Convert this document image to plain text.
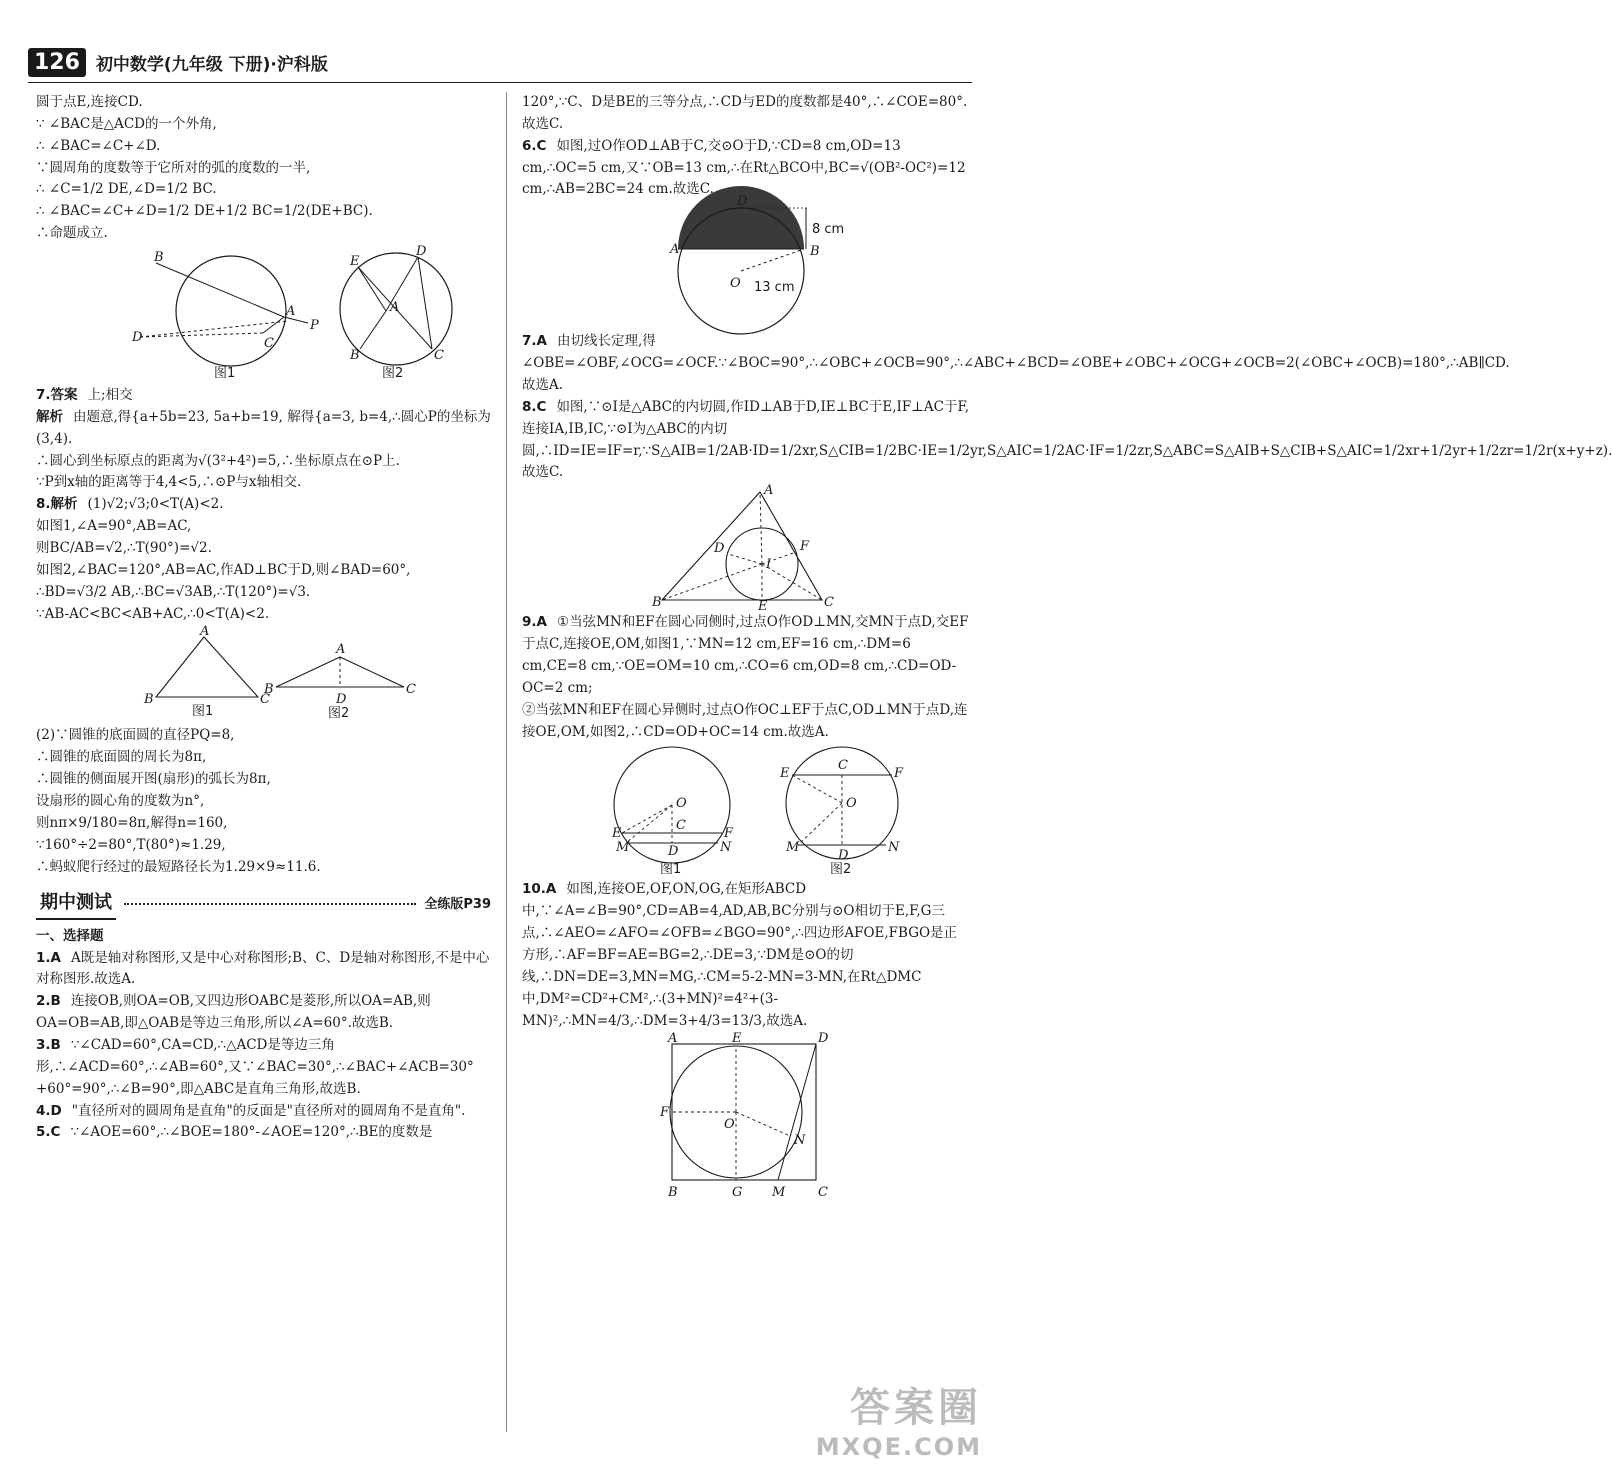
126 初中数学(九年级 下册)·沪科版

圆于点E,连接CD.

∵ ∠BAC是△ACD的一个外角,

∴ ∠BAC=∠C+∠D.

∵圆周角的度数等于它所对的弧的度数的一半,

∴ ∠C=1/2 DE,∠D=1/2 BC.

∴ ∠BAC=∠C+∠D=1/2 DE+1/2 BC=1/2(DE+BC).

∴命题成立.

B
D
A
P
C
图1
E
D
A
B	C
图2

7.答案 上;相交

解析 由题意,得{a+5b=23, 5a+b=19, 解得{a=3, b=4,∴圆心P的坐标为(3,4).

∴圆心到坐标原点的距离为√(3²+4²)=5,∴坐标原点在⊙P上.

∵P到x轴的距离等于4,4<5,∴⊙P与x轴相交.

8.解析 (1)√2;√3;0<T(A)<2.

如图1,∠A=90°,AB=AC,

则BC/AB=√2,∴T(90°)=√2.

如图2,∠BAC=120°,AB=AC,作AD⊥BC于D,则∠BAD=60°,

∴BD=√3/2 AB,∴BC=√3AB,∴T(120°)=√3.

∵AB-AC<BC<AB+AC,∴0<T(A)<2.

A
B	C
图1
A
B	C
D
图2

(2)∵圆锥的底面圆的直径PQ=8,

∴圆锥的底面圆的周长为8π,

∴圆锥的侧面展开图(扇形)的弧长为8π,

设扇形的圆心角的度数为n°,

则nπ×9/180=8π,解得n=160,

∵160°÷2=80°,T(80°)≈1.29,

∴蚂蚁爬行经过的最短路径长为1.29×9≈11.6.

期中测试	全练版P39

一、选择题

1.A A既是轴对称图形,又是中心对称图形;B、C、D是轴对称图形,不是中心对称图形.故选A.

2.B 连接OB,则OA=OB,又四边形OABC是菱形,所以OA=AB,则OA=OB=AB,即△OAB是等边三角形,所以∠A=60°.故选B.

3.B ∵∠CAD=60°,CA=CD,∴△ACD是等边三角形,∴∠ACD=60°,∴∠AB=60°,又∵∠BAC=30°,∴∠BAC+∠ACB=30°+60°=90°,∴∠B=90°,即△ABC是直角三角形,故选B.

4.D "直径所对的圆周角是直角"的反面是"直径所对的圆周角不是直角".

5.C ∵∠AOE=60°,∴∠BOE=180°-∠AOE=120°,∴BE的度数是

120°,∵C、D是BE的三等分点,∴CD与ED的度数都是40°,∴∠COE=80°.故选C.

6.C 如图,过O作OD⊥AB于C,交⊙O于D,∵CD=8 cm,OD=13 cm,∴OC=5 cm,又∵OB=13 cm,∴在Rt△BCO中,BC=√(OB²-OC²)=12 cm,∴AB=2BC=24 cm.故选C.

D
A	B
O
8 cm
13 cm

7.A 由切线长定理,得∠OBE=∠OBF,∠OCG=∠OCF.∵∠BOC=90°,∴∠OBC+∠OCB=90°,∴∠ABC+∠BCD=∠OBE+∠OBC+∠OCG+∠OCB=2(∠OBC+∠OCB)=180°,∴AB∥CD.故选A.

8.C 如图,∵⊙I是△ABC的内切圆,作ID⊥AB于D,IE⊥BC于E,IF⊥AC于F,连接IA,IB,IC,∵⊙I为△ABC的内切圆,∴ID=IE=IF=r,∵S△AIB=1/2AB·ID=1/2xr,S△CIB=1/2BC·IE=1/2yr,S△AIC=1/2AC·IF=1/2zr,S△ABC=S△AIB+S△CIB+S△AIC=1/2xr+1/2yr+1/2zr=1/2r(x+y+z).故选C.

A
D	F
I
B	E	C

9.A ①当弦MN和EF在圆心同侧时,过点O作OD⊥MN,交MN于点D,交EF于点C,连接OE,OM,如图1,∵MN=12 cm,EF=16 cm,∴DM=6 cm,CE=8 cm,∵OE=OM=10 cm,∴CO=6 cm,OD=8 cm,∴CD=OD-OC=2 cm;

②当弦MN和EF在圆心异侧时,过点O作OC⊥EF于点C,OD⊥MN于点D,连接OE,OM,如图2,∴CD=OD+OC=14 cm.故选A.

O
C
E	F
M	D	N
图1
C
O
E	F
M
D
N
图2

10.A 如图,连接OE,OF,ON,OG,在矩形ABCD中,∵∠A=∠B=90°,CD=AB=4,AD,AB,BC分别与⊙O相切于E,F,G三点,∴∠AEO=∠AFO=∠OFB=∠BGO=90°,∴四边形AFOE,FBGO是正方形,∴AF=BF=AE=BG=2,∴DE=3,∵DM是⊙O的切线,∴DN=DE=3,MN=MG,∴CM=5-2-MN=3-MN,在Rt△DMC中,DM²=CD²+CM²,∴(3+MN)²=4²+(3-MN)²,∴MN=4/3,∴DM=3+4/3=13/3,故选A.

A	E	D
F
O
N
B	G M	C
答案圈
MXQE.COM
